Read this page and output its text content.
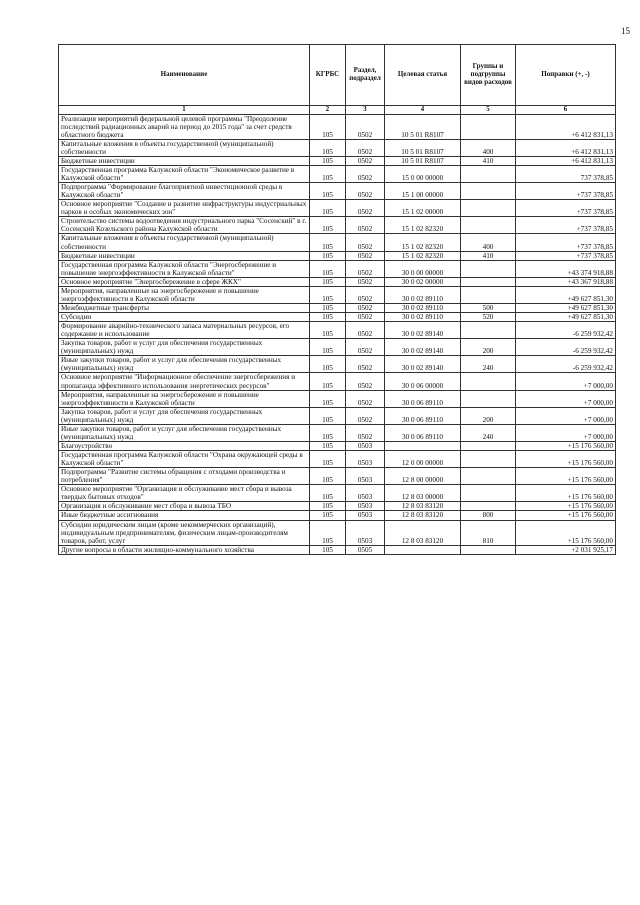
15
Наименование	КГРБС	Раздел, подраздел	Целевая статья	Группы и подгруппы видов расходов	Поправки (+, -)
1	2	3	4	5	6
Реализация мероприятий федеральной целевой программы "Преодоление последствий радиационных аварий на период до 2015 года" за счет средств областного бюджета	105	0502	10 5 01 R8107		+6 412 831,13
Капитальные вложения в объекты государственной (муниципальной) собственности	105	0502	10 5 01 R8107	400	+6 412 831,13
Бюджетные инвестиции	105	0502	10 5 01 R8107	410	+6 412 831,13
Государственная программа Калужской области "Экономическое развитие в Калужской области"	105	0502	15 0 00 00000		737 378,85
Подпрограмма "Формирование благоприятной инвестиционной среды в Калужской области"	105	0502	15 1 00 00000		+737 378,85
Основное мероприятие "Создание и развитие инфраструктуры индустриальных парков и особых экономических зон"	105	0502	15 1 02 00000		+737 378,85
Строительство системы водоотведения индустриального парка "Сосенский" в г. Сосенский Козельского района Калужской области	105	0502	15 1 02 82320		+737 378,85
Капитальные вложения в объекты государственной (муниципальной) собственности	105	0502	15 1 02 82320	400	+737 378,85
Бюджетные инвестиции	105	0502	15 1 02 82320	410	+737 378,85
Государственная программа Калужской области "Энергосбережение и повышение энергоэффективности в Калужской области"	105	0502	30 0 00 00000		+43 374 918,88
Основное мероприятие "Энергосбережение в сфере ЖКХ"	105	0502	30 0 02 00000		+43 367 918,88
Мероприятия, направленные на энергосбережение и повышение энергоэффективности в Калужской области	105	0502	30 0 02 89110		+49 627 851,30
Межбюджетные трансферты	105	0502	30 0 02 89110	500	+49 627 851,30
Субсидии	105	0502	30 0 02 89110	520	+49 627 851,30
Формирование аварийно-технического запаса материальных ресурсов, его содержание и использование	105	0502	30 0 02 89140		-6 259 932,42
Закупка товаров, работ и услуг для обеспечения государственных (муниципальных) нужд	105	0502	30 0 02 89140	200	-6 259 932,42
Иные закупки товаров, работ и услуг для обеспечения государственных (муниципальных) нужд	105	0502	30 0 02 89140	240	-6 259 932,42
Основное мероприятие "Информационное обеспечение энергосбережения и пропаганда эффективного использования энергетических ресурсов"	105	0502	30 0 06 00000		+7 000,00
Мероприятия, направленные на энергосбережение и повышение энергоэффективности в Калужской области	105	0502	30 0 06 89110		+7 000,00
Закупка товаров, работ и услуг для обеспечения государственных (муниципальных) нужд	105	0502	30 0 06 89110	200	+7 000,00
Иные закупки товаров, работ и услуг для обеспечения государственных (муниципальных) нужд	105	0502	30 0 06 89110	240	+7 000,00
Благоустройство	105	0503			+15 176 560,00
Государственная программа Калужской области "Охрана окружающей среды в Калужской области"	105	0503	12 0 00 00000		+15 176 560,00
Подпрограмма "Развитие системы обращения с отходами производства и потребления"	105	0503	12 8 00 00000		+15 176 560,00
Основное мероприятие "Организация и обслуживание мест сбора и вывоза твердых бытовых отходов"	105	0503	12 8 03 00000		+15 176 560,00
Организация и обслуживание мест сбора и вывоза ТБО	105	0503	12 8 03 83120		+15 176 560,00
Иные бюджетные ассигнования	105	0503	12 8 03 83120	800	+15 176 560,00
Субсидии юридическим лицам (кроме некоммерческих организаций), индивидуальным предпринимателям, физическим лицам-производителям товаров, работ, услуг	105	0503	12 8 03 83120	810	+15 176 560,00
Другие вопросы в области жилищно-коммунального хозяйства	105	0505			+2 031 925,17
